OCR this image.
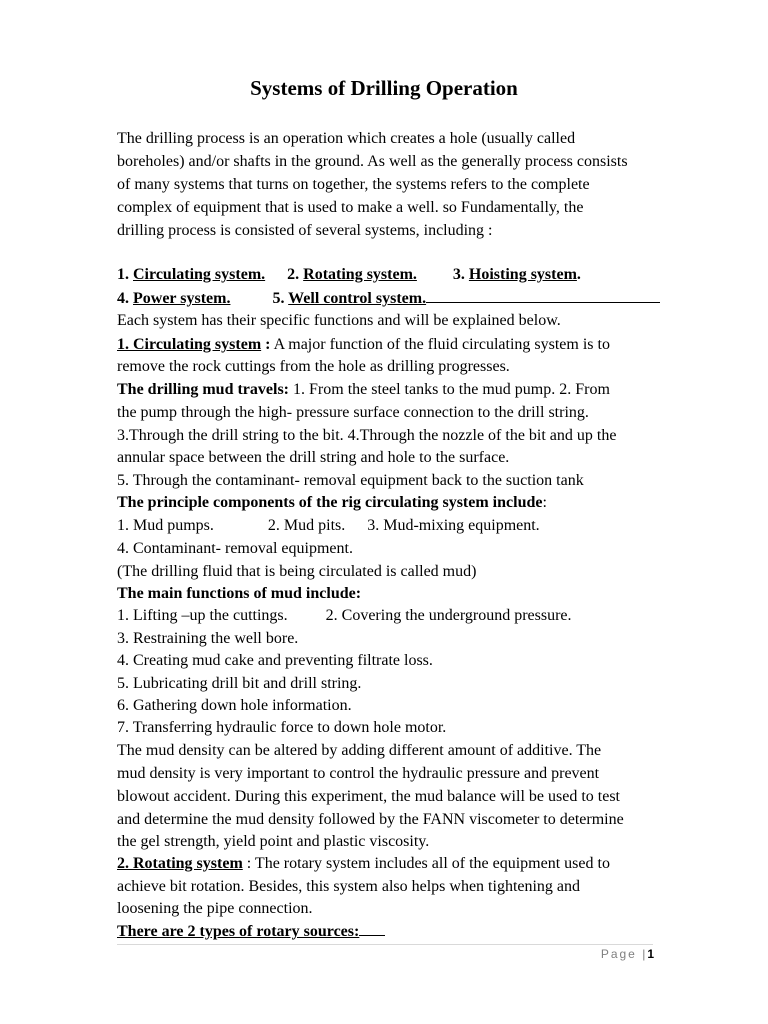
Systems of Drilling Operation
The drilling process is an operation which creates a hole (usually called
boreholes) and/or shafts in the ground. As well as the generally process consists
of many systems that turns on together, the systems refers to the complete
complex of equipment that is used to make a well. so Fundamentally, the
drilling process is consisted of several systems, including :
1. Circulating system. 2. Rotating system. 3. Hoisting system.
4. Power system.	5. Well control system.
Each system has their specific functions and will be explained below.
1. Circulating system : A major function of the fluid circulating system is to
remove the rock cuttings from the hole as drilling progresses.
The drilling mud travels: 1. From the steel tanks to the mud pump. 2. From
the pump through the high- pressure surface connection to the drill string.
3.Through the drill string to the bit. 4.Through the nozzle of the bit and up the
annular space between the drill string and hole to the surface.
5. Through the contaminant- removal equipment back to the suction tank
The principle components of the rig circulating system include:
1. Mud pumps.	2. Mud pits. 3. Mud-mixing equipment.
4. Contaminant- removal equipment.
(The drilling fluid that is being circulated is called mud)
The main functions of mud include:
1. Lifting –up the cuttings. 2. Covering the underground pressure.
3. Restraining the well bore.
4. Creating mud cake and preventing filtrate loss.
5. Lubricating drill bit and drill string.
6. Gathering down hole information.
7. Transferring hydraulic force to down hole motor.
The mud density can be altered by adding different amount of additive. The
mud density is very important to control the hydraulic pressure and prevent
blowout accident. During this experiment, the mud balance will be used to test
and determine the mud density followed by the FANN viscometer to determine
the gel strength, yield point and plastic viscosity.
2. Rotating system : The rotary system includes all of the equipment used to
achieve bit rotation. Besides, this system also helps when tightening and
loosening the pipe connection.
There are 2 types of rotary sources:
Page |1
